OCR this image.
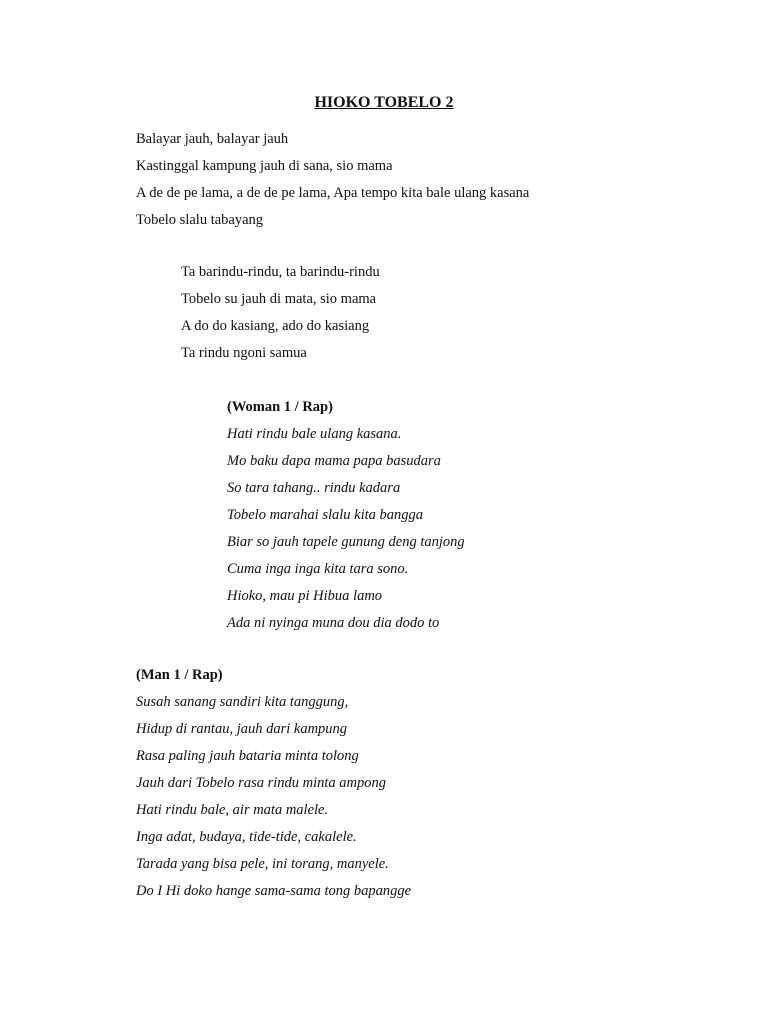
HIOKO TOBELO 2
Balayar jauh, balayar jauh
Kastinggal kampung jauh di sana, sio mama
A de de pe lama, a de de pe lama, Apa tempo kita bale ulang kasana
Tobelo slalu tabayang
Ta barindu-rindu, ta barindu-rindu
Tobelo su jauh di mata, sio mama
A do do kasiang, ado do kasiang
Ta rindu ngoni samua
(Woman 1 / Rap)
Hati rindu bale ulang kasana.
Mo baku dapa mama papa basudara
So tara tahang.. rindu kadara
Tobelo marahai slalu kita bangga
Biar so jauh tapele gunung deng tanjong
Cuma inga inga kita tara sono.
Hioko, mau pi Hibua lamo
Ada ni nyinga muna dou dia dodo to
(Man 1 / Rap)
Susah sanang sandiri kita tanggung,
Hidup di rantau, jauh dari kampung
Rasa paling jauh bataria minta tolong
Jauh dari Tobelo rasa rindu minta ampong
Hati rindu bale, air mata malele.
Inga adat, budaya, tide-tide, cakalele.
Tarada yang bisa pele, ini torang, manyele.
Do I Hi doko hange sama-sama tong bapangge
